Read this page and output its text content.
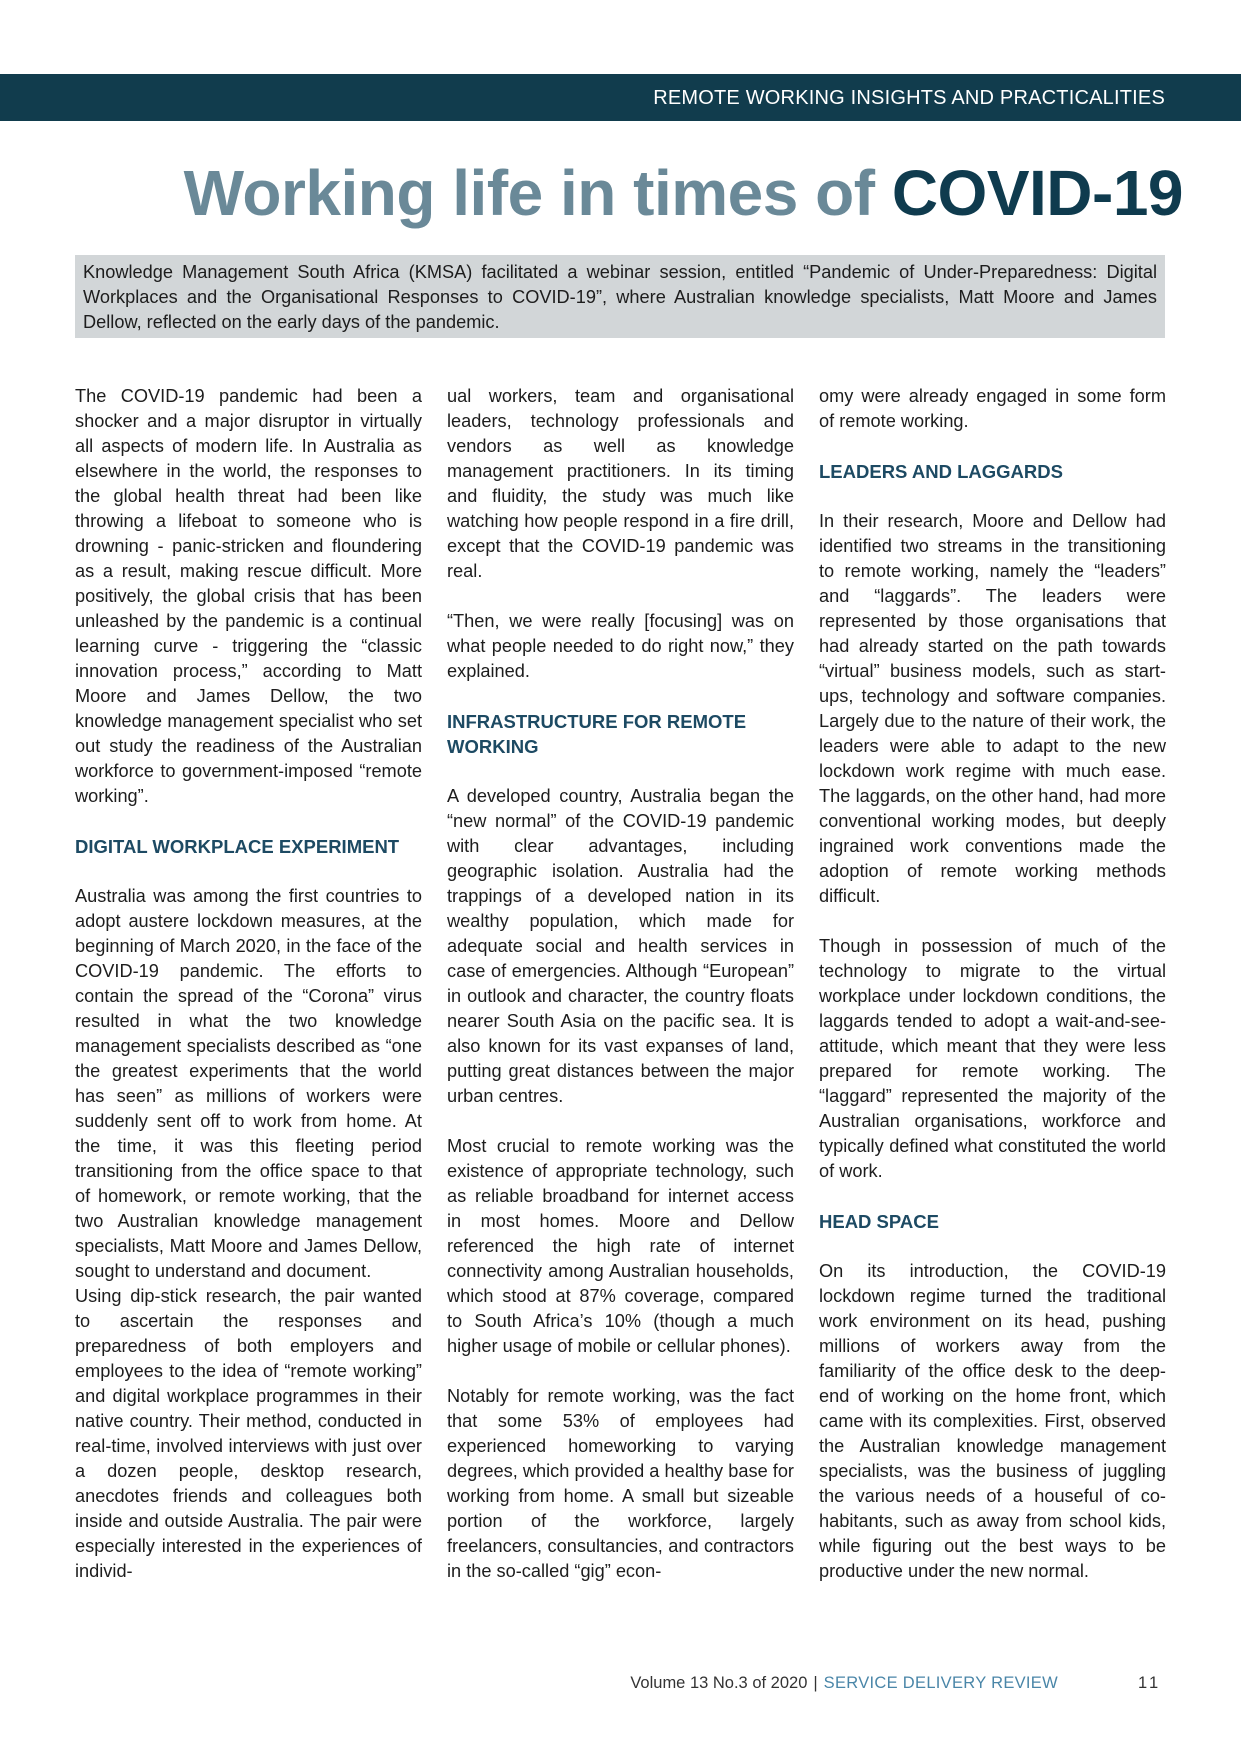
REMOTE WORKING INSIGHTS AND PRACTICALITIES
Working life in times of COVID-19
Knowledge Management South Africa (KMSA) facilitated a webinar session, entitled “Pandemic of Under-Preparedness: Digital Workplaces and the Organisational Responses to COVID-19”, where Australian knowledge specialists, Matt Moore and James Dellow, reflected on the early days of the pandemic.

The COVID-19 pandemic had been a shocker and a major disruptor in virtually all aspects of modern life. In Australia as elsewhere in the world, the responses to the global health threat had been like throwing a lifeboat to someone who is drowning - panic-stricken and floundering as a result, making rescue difficult. More positively, the global crisis that has been unleashed by the pandemic is a continual learning curve - triggering the “classic innovation process,” according to Matt Moore and James Dellow, the two knowledge management specialist who set out study the readiness of the Australian workforce to government-imposed “remote working”.

DIGITAL WORKPLACE EXPERIMENT

Australia was among the first countries to adopt austere lockdown measures, at the beginning of March 2020, in the face of the COVID-19 pandemic. The efforts to contain the spread of the “Corona” virus resulted in what the two knowledge management specialists described as “one the greatest experiments that the world has seen” as millions of workers were suddenly sent off to work from home. At the time, it was this fleeting period transitioning from the office space to that of homework, or remote working, that the two Australian knowledge management specialists, Matt Moore and James Dellow, sought to understand and document.

Using dip-stick research, the pair wanted to ascertain the responses and preparedness of both employers and employees to the idea of “remote working” and digital workplace programmes in their native country. Their method, conducted in real-time, involved interviews with just over a dozen people, desktop research, anecdotes friends and colleagues both inside and outside Australia. The pair were especially interested in the experiences of individ-

ual workers, team and organisational leaders, technology professionals and vendors as well as knowledge management practitioners. In its timing and fluidity, the study was much like watching how people respond in a fire drill, except that the COVID-19 pandemic was real.

“Then, we were really [focusing] was on what people needed to do right now,” they explained.

INFRASTRUCTURE FOR REMOTE WORKING

A developed country, Australia began the “new normal” of the COVID-19 pandemic with clear advantages, including geographic isolation. Australia had the trappings of a developed nation in its wealthy population, which made for adequate social and health services in case of emergencies. Although “European” in outlook and character, the country floats nearer South Asia on the pacific sea. It is also known for its vast expanses of land, putting great distances between the major urban centres.

Most crucial to remote working was the existence of appropriate technology, such as reliable broadband for internet access in most homes. Moore and Dellow referenced the high rate of internet connectivity among Australian households, which stood at 87% coverage, compared to South Africa’s 10% (though a much higher usage of mobile or cellular phones).

Notably for remote working, was the fact that some 53% of employees had experienced homeworking to varying degrees, which provided a healthy base for working from home. A small but sizeable portion of the workforce, largely freelancers, consultancies, and contractors in the so-called “gig” econ-

omy were already engaged in some form of remote working.

LEADERS AND LAGGARDS

In their research, Moore and Dellow had identified two streams in the transitioning to remote working, namely the “leaders” and “laggards”. The leaders were represented by those organisations that had already started on the path towards “virtual” business models, such as start-ups, technology and software companies. Largely due to the nature of their work, the leaders were able to adapt to the new lockdown work regime with much ease. The laggards, on the other hand, had more conventional working modes, but deeply ingrained work conventions made the adoption of remote working methods difficult.

Though in possession of much of the technology to migrate to the virtual workplace under lockdown conditions, the laggards tended to adopt a wait-and-see-attitude, which meant that they were less prepared for remote working. The “laggard” represented the majority of the Australian organisations, workforce and typically defined what constituted the world of work.

HEAD SPACE

On its introduction, the COVID-19 lockdown regime turned the traditional work environment on its head, pushing millions of workers away from the familiarity of the office desk to the deep-end of working on the home front, which came with its complexities. First, observed the Australian knowledge management specialists, was the business of juggling the various needs of a houseful of co-habitants, such as away from school kids, while figuring out the best ways to be productive under the new normal.

Volume 13 No.3 of 2020 | SERVICE DELIVERY REVIEW	11
